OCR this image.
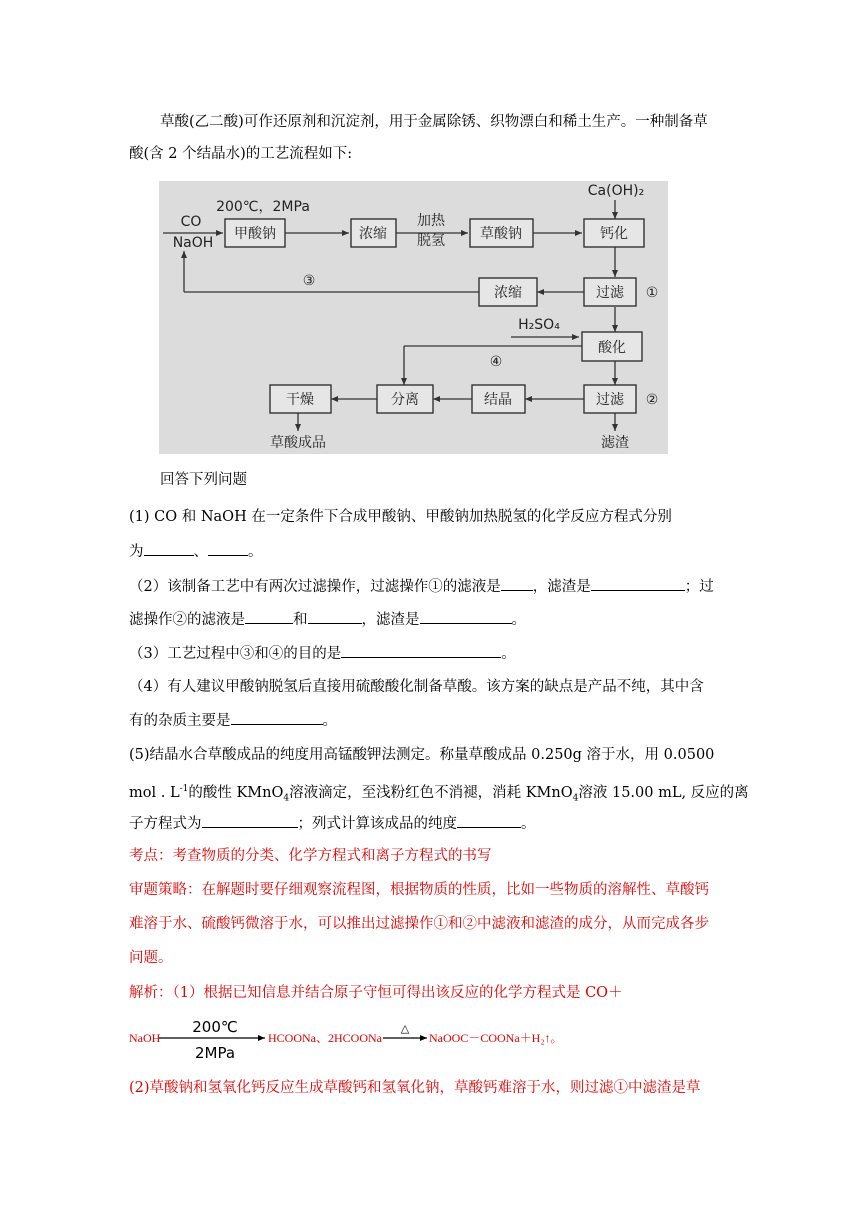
草酸(乙二酸)可作还原剂和沉淀剂，用于金属除锈、织物漂白和稀土生产。一种制备草
酸(含 2 个结晶水)的工艺流程如下:
CO
NaOH
200℃，2MPa
甲酸钠	浓缩
加热
脱氢	草酸钠
Ca(OH)₂
钙化
过滤 ①
浓缩
③
H₂SO₄
酸化
④
过滤 ②
结晶
分离
干燥
草酸成品	滤渣
回答下列问题
(1) CO 和 NaOH 在一定条件下合成甲酸钠、甲酸钠加热脱氢的化学反应方程式分别
为	、	。
（2）该制备工艺中有两次过滤操作，过滤操作①的滤液是 ，滤渣是	；过
滤操作②的滤液是	和	，滤渣是	。
（3）工艺过程中③和④的目的是	。
（4）有人建议甲酸钠脱氢后直接用硫酸酸化制备草酸。该方案的缺点是产品不纯，其中含
有的杂质主要是	。
(5)结晶水合草酸成品的纯度用高锰酸钾法测定。称量草酸成品 0.250g 溶于水，用 0.0500
mol . $L^{-1}$的酸性 KMnO$_4$溶液滴定，至浅粉红色不消褪，消耗 KMnO$_4$溶液 15.00 mL, 反应的离
子方程式为	；列式计算该成品的纯度	。
考点：考查物质的分类、化学方程式和离子方程式的书写
审题策略：在解题时要仔细观察流程图，根据物质的性质，比如一些物质的溶解性、草酸钙
难溶于水、硫酸钙微溶于水，可以推出过滤操作①和②中滤液和滤渣的成分，从而完成各步
问题。
解析：（1）根据已知信息并结合原子守恒可得出该反应的化学方程式是 CO＋
NaOH
200℃
2MPa
HCOONa、2HCOONa
△
NaOOC－COONa＋H₂↑。
(2)草酸钠和氢氧化钙反应生成草酸钙和氢氧化钠，草酸钙难溶于水，则过滤①中滤渣是草
